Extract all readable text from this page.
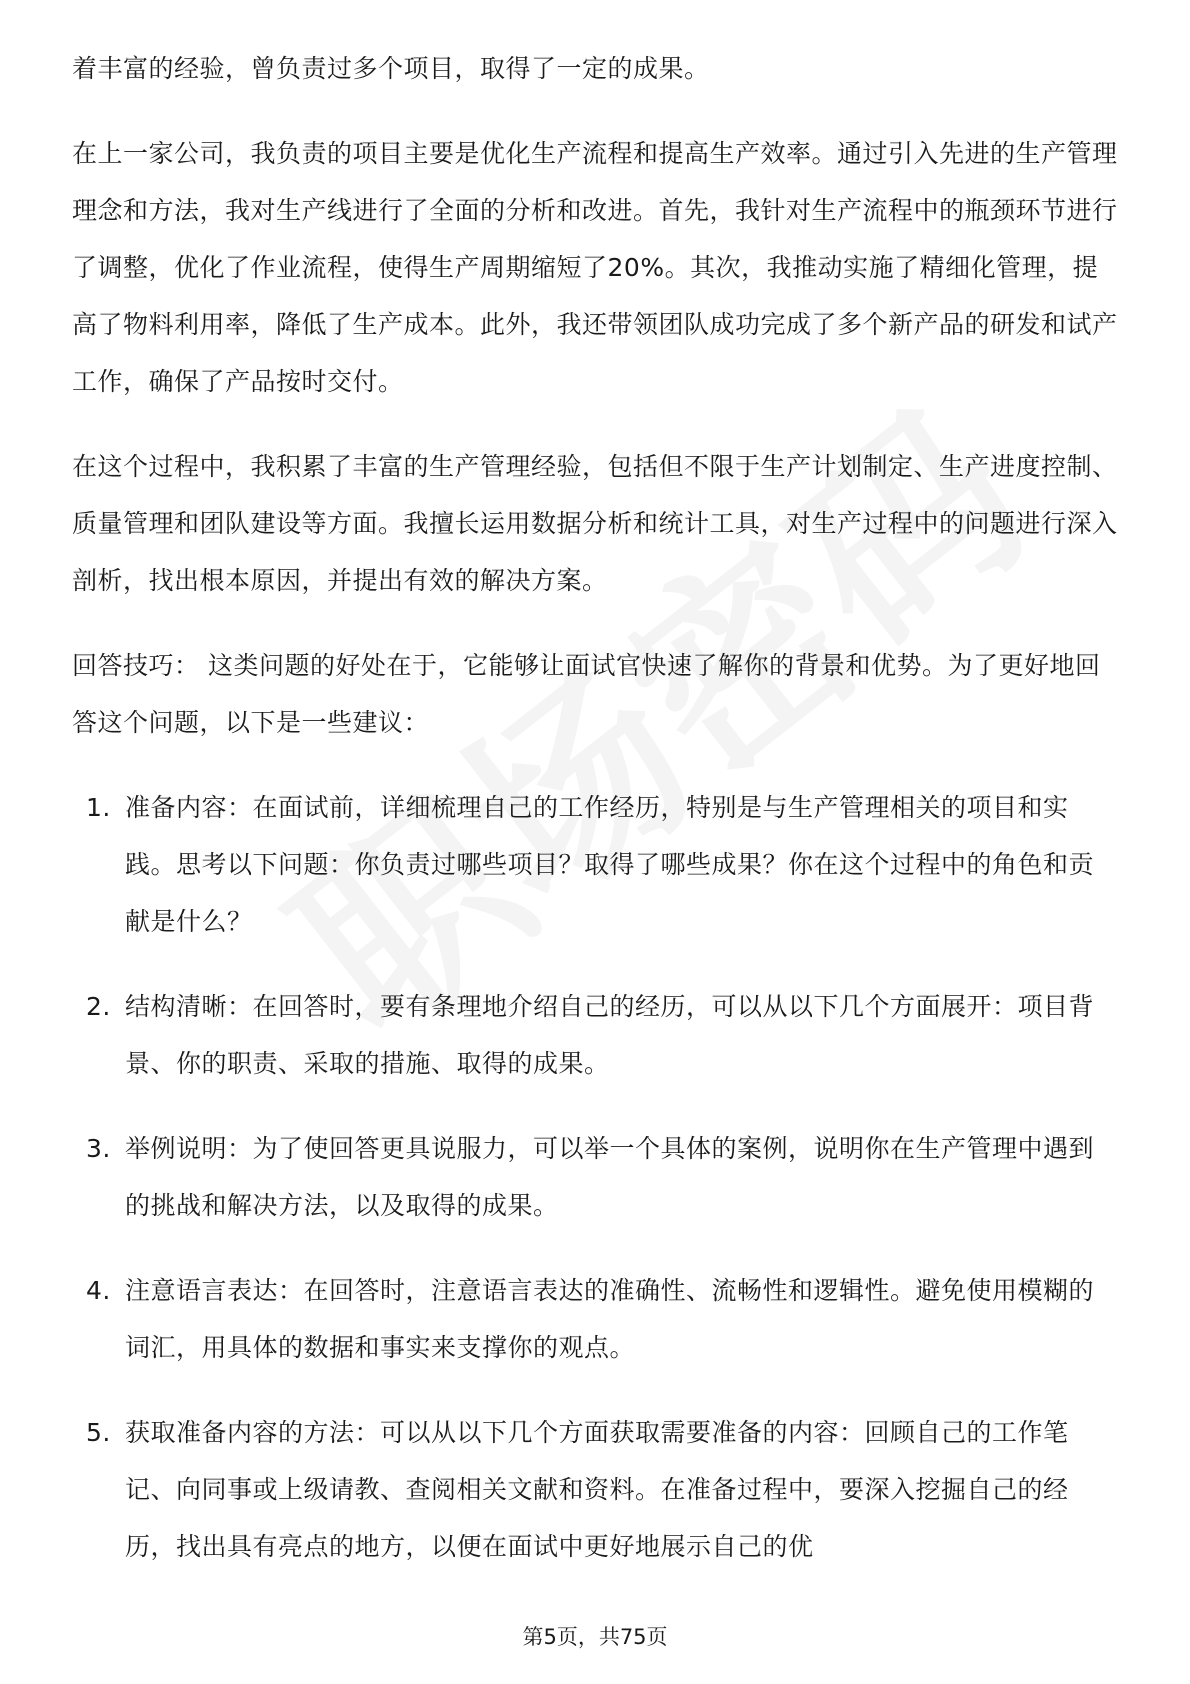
着丰富的经验，曾负责过多个项目，取得了一定的成果。

在上一家公司，我负责的项目主要是优化生产流程和提高生产效率。通过引入先进的生产管理理念和方法，我对生产线进行了全面的分析和改进。首先，我针对生产流程中的瓶颈环节进行了调整，优化了作业流程，使得生产周期缩短了20%。其次，我推动实施了精细化管理，提高了物料利用率，降低了生产成本。此外，我还带领团队成功完成了多个新产品的研发和试产工作，确保了产品按时交付。

在这个过程中，我积累了丰富的生产管理经验，包括但不限于生产计划制定、生产进度控制、质量管理和团队建设等方面。我擅长运用数据分析和统计工具，对生产过程中的问题进行深入剖析，找出根本原因，并提出有效的解决方案。

回答技巧： 这类问题的好处在于，它能够让面试官快速了解你的背景和优势。为了更好地回答这个问题，以下是一些建议：

1. 准备内容：在面试前，详细梳理自己的工作经历，特别是与生产管理相关的项目和实践。思考以下问题：你负责过哪些项目？取得了哪些成果？你在这个过程中的角色和贡献是什么？
2. 结构清晰：在回答时，要有条理地介绍自己的经历，可以从以下几个方面展开：项目背景、你的职责、采取的措施、取得的成果。
3. 举例说明：为了使回答更具说服力，可以举一个具体的案例，说明你在生产管理中遇到的挑战和解决方法，以及取得的成果。
4. 注意语言表达：在回答时，注意语言表达的准确性、流畅性和逻辑性。避免使用模糊的词汇，用具体的数据和事实来支撑你的观点。
5. 获取准备内容的方法：可以从以下几个方面获取需要准备的内容：回顾自己的工作笔记、向同事或上级请教、查阅相关文献和资料。在准备过程中，要深入挖掘自己的经历，找出具有亮点的地方，以便在面试中更好地展示自己的优
第5页，共75页
